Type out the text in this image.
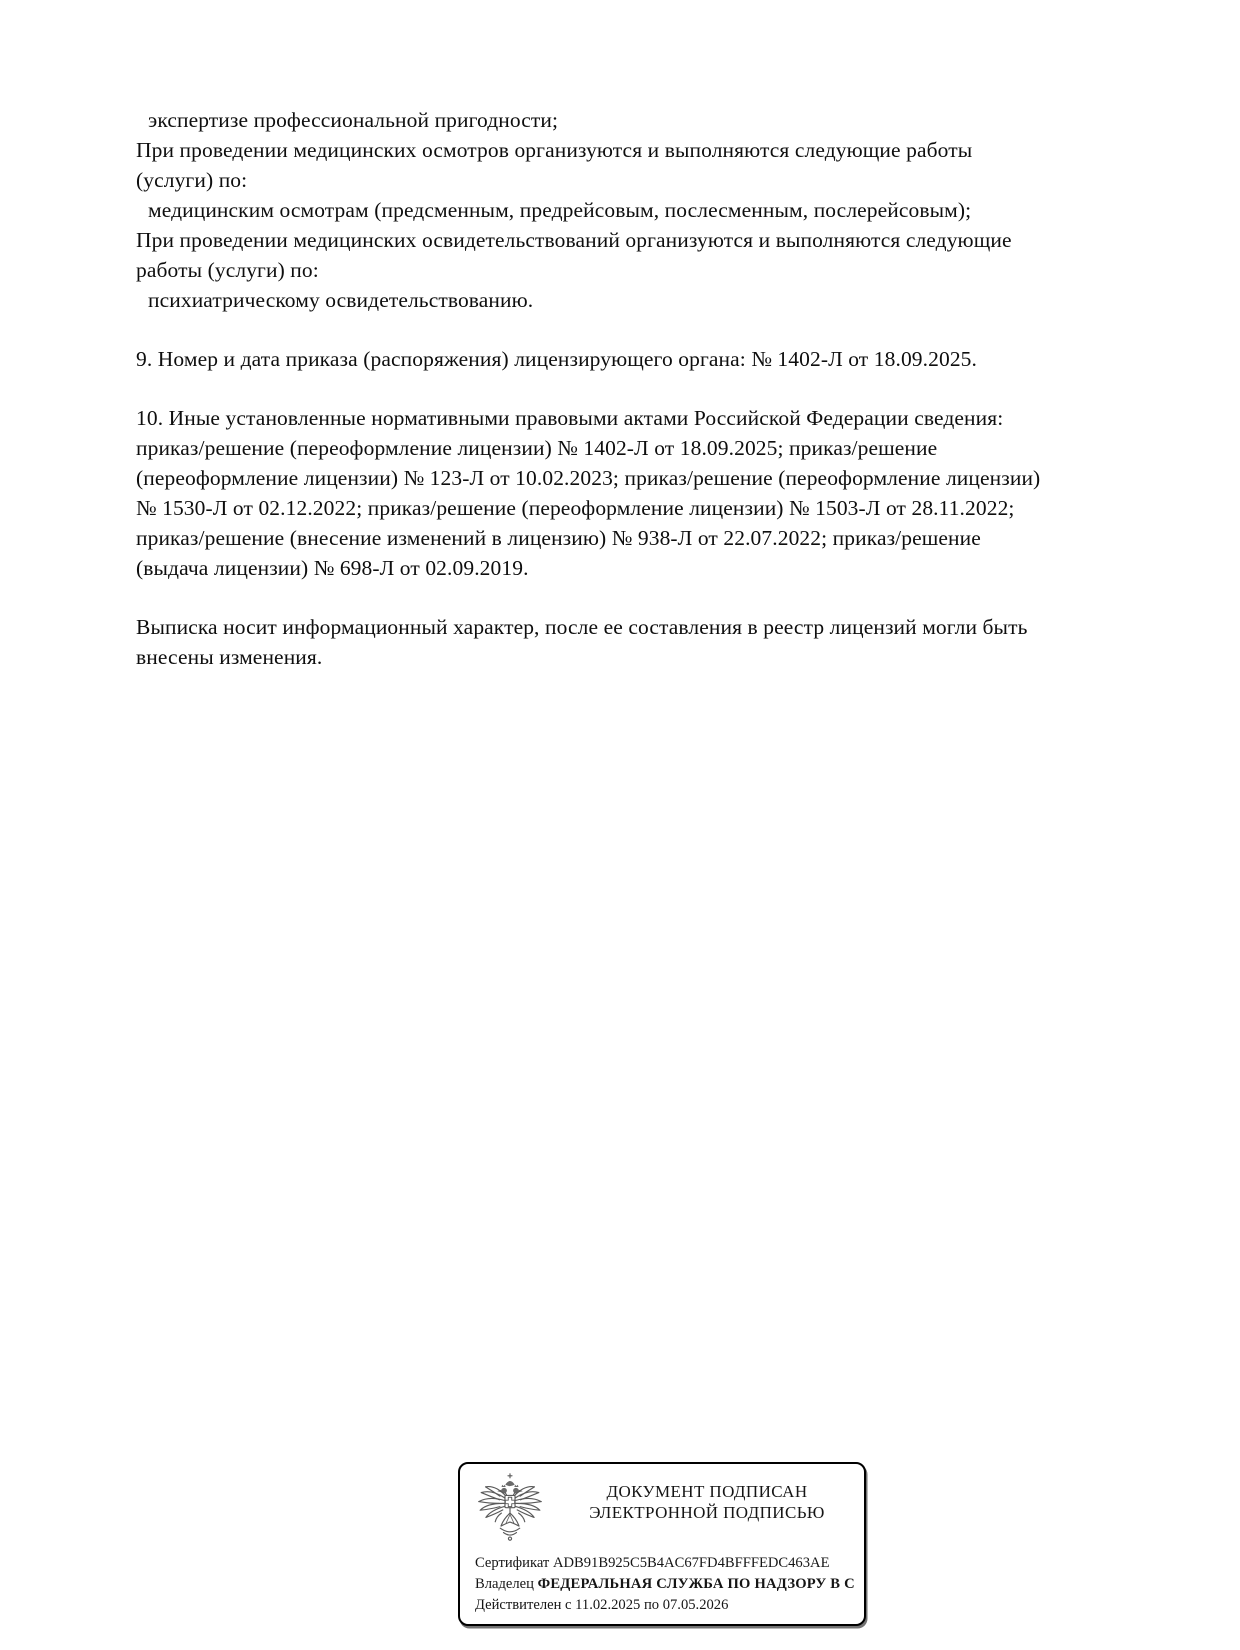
экспертизе профессиональной пригодности;
При проведении медицинских осмотров организуются и выполняются следующие работы
(услуги) по:
медицинским осмотрам (предсменным, предрейсовым, послесменным, послерейсовым);
При проведении медицинских освидетельствований организуются и выполняются следующие
работы (услуги) по:
психиатрическому освидетельствованию.
9. Номер и дата приказа (распоряжения) лицензирующего органа: № 1402-Л от 18.09.2025.
10. Иные установленные нормативными правовыми актами Российской Федерации сведения:
приказ/решение (переоформление лицензии) № 1402-Л от 18.09.2025; приказ/решение
(переоформление лицензии) № 123-Л от 10.02.2023; приказ/решение (переоформление лицензии)
№ 1530-Л от 02.12.2022; приказ/решение (переоформление лицензии) № 1503-Л от 28.11.2022;
приказ/решение (внесение изменений в лицензию) № 938-Л от 22.07.2022; приказ/решение
(выдача лицензии) № 698-Л от 02.09.2019.
Выписка носит информационный характер, после ее составления в реестр лицензий могли быть
внесены изменения.
ДОКУМЕНТ ПОДПИСАН
ЭЛЕКТРОННОЙ ПОДПИСЬЮ
Сертификат ADB91B925C5B4AC67FD4BFFFEDC463AE
Владелец ФЕДЕРАЛЬНАЯ СЛУЖБА ПО НАДЗОРУ В С
Действителен с 11.02.2025 по 07.05.2026
